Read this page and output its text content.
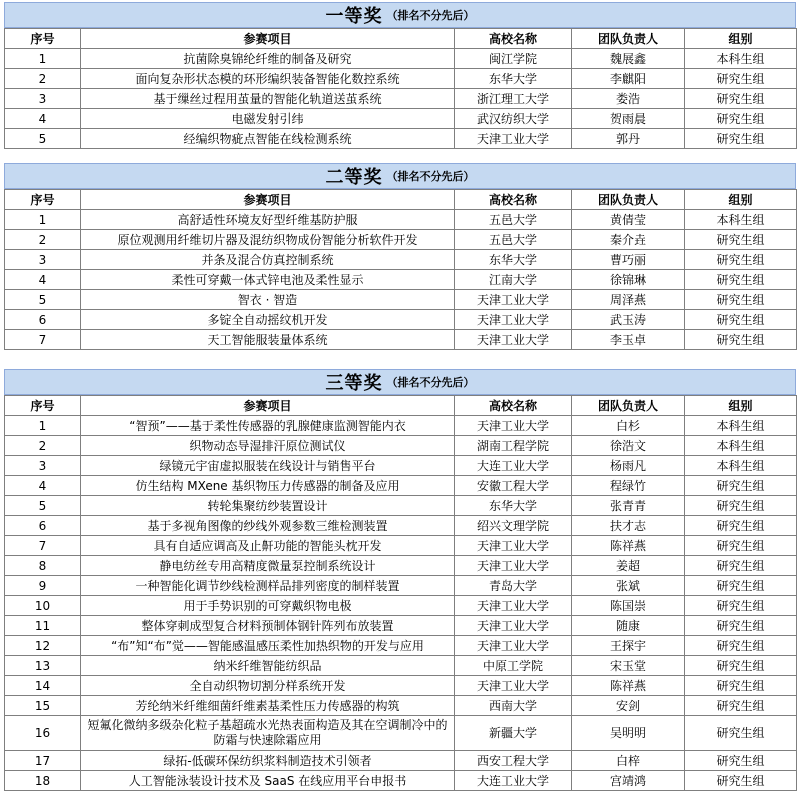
一等奖 （排名不分先后）
序号	参赛项目	高校名称	团队负责人	组别
1	抗菌除臭锦纶纤维的制备及研究	闽江学院	魏展鑫	本科生组
2	面向复杂形状态模的环形编织装备智能化数控系统	东华大学	李麒阳	研究生组
3	基于缫丝过程用茧量的智能化轨道送茧系统	浙江理工大学	娄浩	研究生组
4	电磁发射引纬	武汉纺织大学	贺雨晨	研究生组
5	经编织物疵点智能在线检测系统	天津工业大学	郭丹	研究生组
二等奖 （排名不分先后）
序号	参赛项目	高校名称	团队负责人	组别
1	高舒适性环境友好型纤维基防护服	五邑大学	黄倩莹	本科生组
2	原位观测用纤维切片器及混纺织物成份智能分析软件开发	五邑大学	秦介垚	研究生组
3	并条及混合仿真控制系统	东华大学	曹巧丽	研究生组
4	柔性可穿戴一体式锌电池及柔性显示	江南大学	徐锦琳	研究生组
5	智衣 · 智造	天津工业大学	周泽燕	研究生组
6	多锭全自动摇纹机开发	天津工业大学	武玉涛	研究生组
7	天工智能服装量体系统	天津工业大学	李玉卓	研究生组
三等奖 （排名不分先后）
序号	参赛项目	高校名称	团队负责人	组别
1	“智预”——基于柔性传感器的乳腺健康监测智能内衣	天津工业大学	白杉	本科生组
2	织物动态导湿排汗原位测试仪	湖南工程学院	徐浩文	本科生组
3	绿镜元宇宙虚拟服装在线设计与销售平台	大连工业大学	杨雨凡	本科生组
4	仿生结构 MXene 基织物压力传感器的制备及应用	安徽工程大学	程绿竹	研究生组
5	转轮集聚纺纱装置设计	东华大学	张青青	研究生组
6	基于多视角图像的纱线外观参数三维检测装置	绍兴文理学院	扶才志	研究生组
7	具有自适应调高及止鼾功能的智能头枕开发	天津工业大学	陈祥燕	研究生组
8	静电纺丝专用高精度微量泵控制系统设计	天津工业大学	姜超	研究生组
9	一种智能化调节纱线检测样品排列密度的制样装置	青岛大学	张斌	研究生组
10	用于手势识别的可穿戴织物电极	天津工业大学	陈国崇	研究生组
11	整体穿刺成型复合材料预制体钢针阵列布放装置	天津工业大学	随康	研究生组
12	“布”知“布”觉——智能感温感压柔性加热织物的开发与应用	天津工业大学	王探宇	研究生组
13	纳米纤维智能纺织品	中原工学院	宋玉堂	研究生组
14	全自动织物切割分样系统开发	天津工业大学	陈祥燕	研究生组
15	芳纶纳米纤维细菌纤维素基柔性压力传感器的构筑	西南大学	安剑	研究生组
16	短氟化微纳多级杂化粒子基超疏水光热表面构造及其在空调制冷中的防霜与快速除霜应用	新疆大学	吴明明	研究生组
17	绿拓-低碳环保纺织浆料制造技术引领者	西安工程大学	白梓	研究生组
18	人工智能泳装设计技术及 SaaS 在线应用平台申报书	大连工业大学	宫靖鸿	研究生组
